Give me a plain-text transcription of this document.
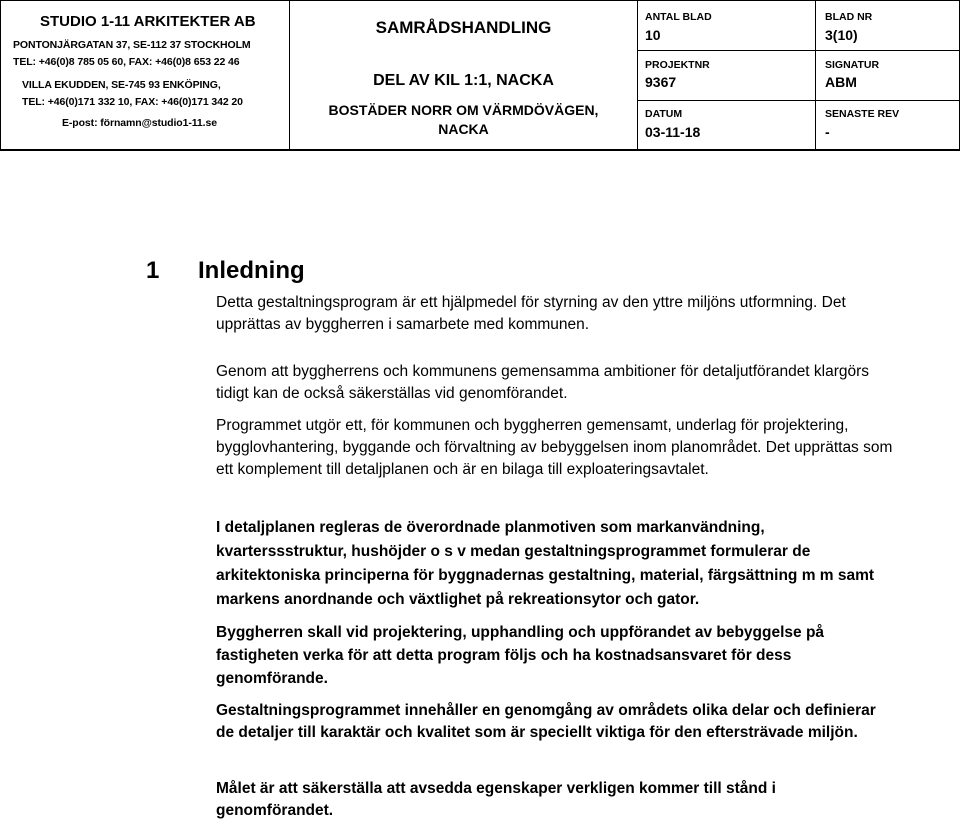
STUDIO 1-11 ARKITEKTER AB
PONTONJÄRGATAN 37, SE-112 37 STOCKHOLM
TEL: +46(0)8 785 05 60, FAX: +46(0)8 653 22 46
VILLA EKUDDEN, SE-745 93 ENKÖPING,
TEL: +46(0)171 332 10, FAX: +46(0)171 342 20
E-post: förnamn@studio1-11.se
SAMRÅDSHANDLING
DEL AV KIL 1:1, NACKA
BOSTÄDER NORR OM VÄRMDÖVÄGEN,
NACKA
ANTAL BLAD
10
BLAD NR
3(10)
PROJEKTNR
9367
SIGNATUR
ABM
DATUM
03-11-18
SENASTE REV
-
1 Inledning

Detta gestaltningsprogram är ett hjälpmedel för styrning av den yttre miljöns utformning. Det upprättas av byggherren i samarbete med kommunen.

Genom att byggherrens och kommunens gemensamma ambitioner för detaljutförandet klargörs tidigt kan de också säkerställas vid genomförandet.

Programmet utgör ett, för kommunen och byggherren gemensamt, underlag för projektering, bygglovhantering, byggande och förvaltning av bebyggelsen inom planområdet. Det upprättas som ett komplement till detaljplanen och är en bilaga till exploateringsavtalet.

I detaljplanen regleras de överordnade planmotiven som markanvändning, kvarterssstruktur, hushöjder o s v medan gestaltningsprogrammet formulerar de arkitektoniska principerna för byggnadernas gestaltning, material, färgsättning m m samt markens anordnande och växtlighet på rekreationsytor och gator.

Byggherren skall vid projektering, upphandling och uppförandet av bebyggelse på fastigheten verka för att detta program följs och ha kostnadsansvaret för dess genomförande.

Gestaltningsprogrammet innehåller en genomgång av områdets olika delar och definierar de detaljer till karaktär och kvalitet som är speciellt viktiga för den eftersträvade miljön.

Målet är att säkerställa att avsedda egenskaper verkligen kommer till stånd i genomförandet.
